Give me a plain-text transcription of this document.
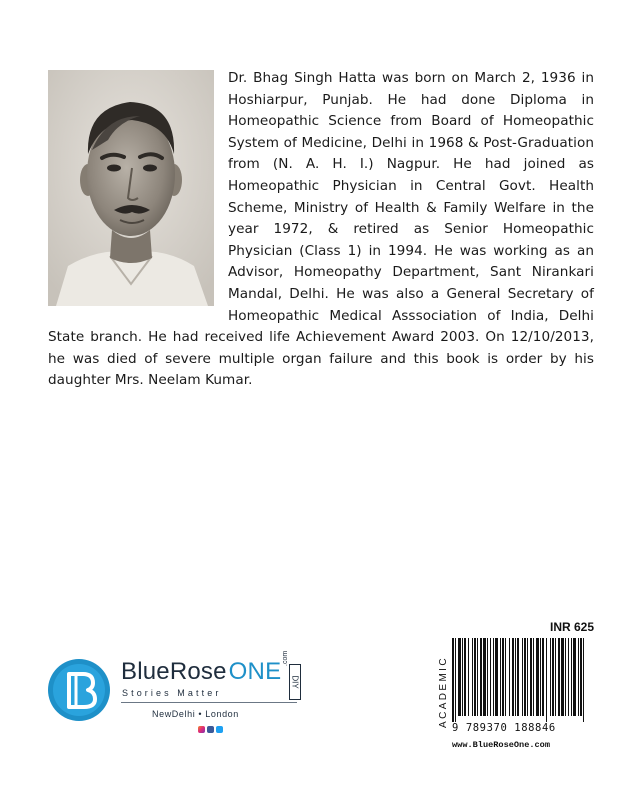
Dr. Bhag Singh Hatta was born on March 2, 1936 in Hoshiarpur, Punjab. He had done Diploma in Homeopathic Science from Board of Homeopathic System of Medicine, Delhi in 1968 & Post-Graduation from (N. A. H. I.) Nagpur. He had joined as Homeopathic Physician in Central Govt. Health Scheme, Ministry of Health & Family Welfare in the year 1972, & retired as Senior Homeopathic Physician (Class 1) in 1994. He was working as an Advisor, Homeopathy Department, Sant Nirankari Mandal, Delhi. He was also a General Secretary of Homeopathic Medical Asssociation of India, Delhi State branch. He had received life Achievement Award 2003. On 12/10/2013, he was died of severe multiple organ failure and this book is order by his daughter Mrs. Neelam Kumar.
BlueRoseONE .com
DIY
Stories Matter
NewDelhi • London
INR 625
ACADEMIC 9 789370 188846
www.BlueRoseOne.com
